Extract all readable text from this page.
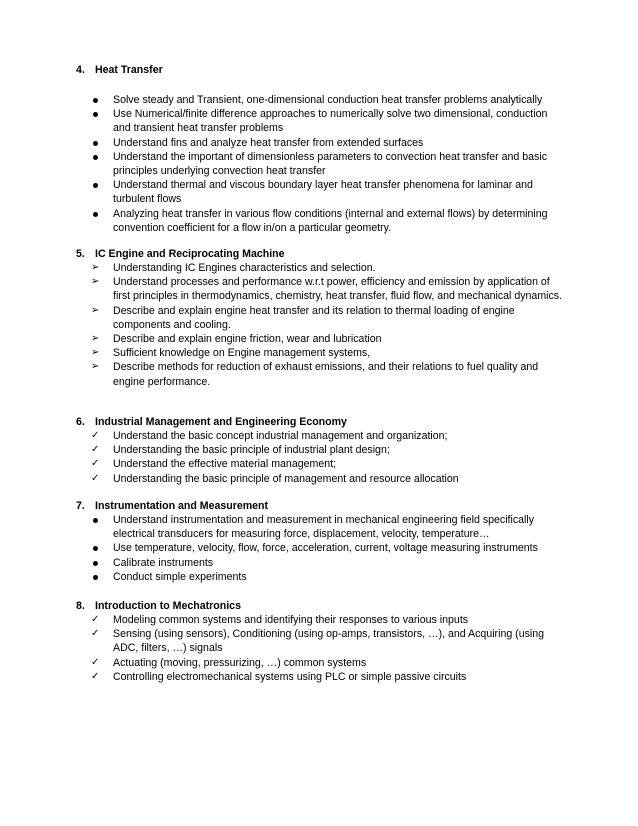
4. Heat Transfer
Solve steady and Transient, one-dimensional conduction heat transfer problems analytically
Use Numerical/finite difference approaches to numerically solve two dimensional, conduction and transient heat transfer problems
Understand fins and analyze heat transfer from extended surfaces
Understand the important of dimensionless parameters to convection heat transfer and basic principles underlying convection heat transfer
Understand thermal and viscous boundary layer heat transfer phenomena for laminar and turbulent flows
Analyzing heat transfer in various flow conditions (internal and external flows) by determining convention coefficient for a flow in/on a particular geometry.
5. IC Engine and Reciprocating Machine
➢	Understanding IC Engines characteristics and selection.
➢	Understand processes and performance w.r.t power, efficiency and emission by application of first principles in thermodynamics, chemistry, heat transfer, fluid flow, and mechanical dynamics.
➢	Describe and explain engine heat transfer and its relation to thermal loading of engine components and cooling.
➢	Describe and explain engine friction, wear and lubrication
➢	Sufficient knowledge on Engine management systems,
➢	Describe methods for reduction of exhaust emissions, and their relations to fuel quality and engine performance.
6. Industrial Management and Engineering Economy
✓	Understand the basic concept industrial management and organization;
✓	Understanding the basic principle of industrial plant design;
✓	Understand the effective material management;
✓	Understanding the basic principle of management and resource allocation
7. Instrumentation and Measurement
Understand instrumentation and measurement in mechanical engineering field specifically electrical transducers for measuring force, displacement, velocity, temperature…
Use temperature, velocity, flow, force, acceleration, current, voltage measuring instruments
Calibrate instruments
Conduct simple experiments
8. Introduction to Mechatronics
✓	Modeling common systems and identifying their responses to various inputs
✓	Sensing (using sensors), Conditioning (using op-amps, transistors, …), and Acquiring (using ADC, filters, …) signals
✓	Actuating (moving, pressurizing, …) common systems
✓	Controlling electromechanical systems using PLC or simple passive circuits
